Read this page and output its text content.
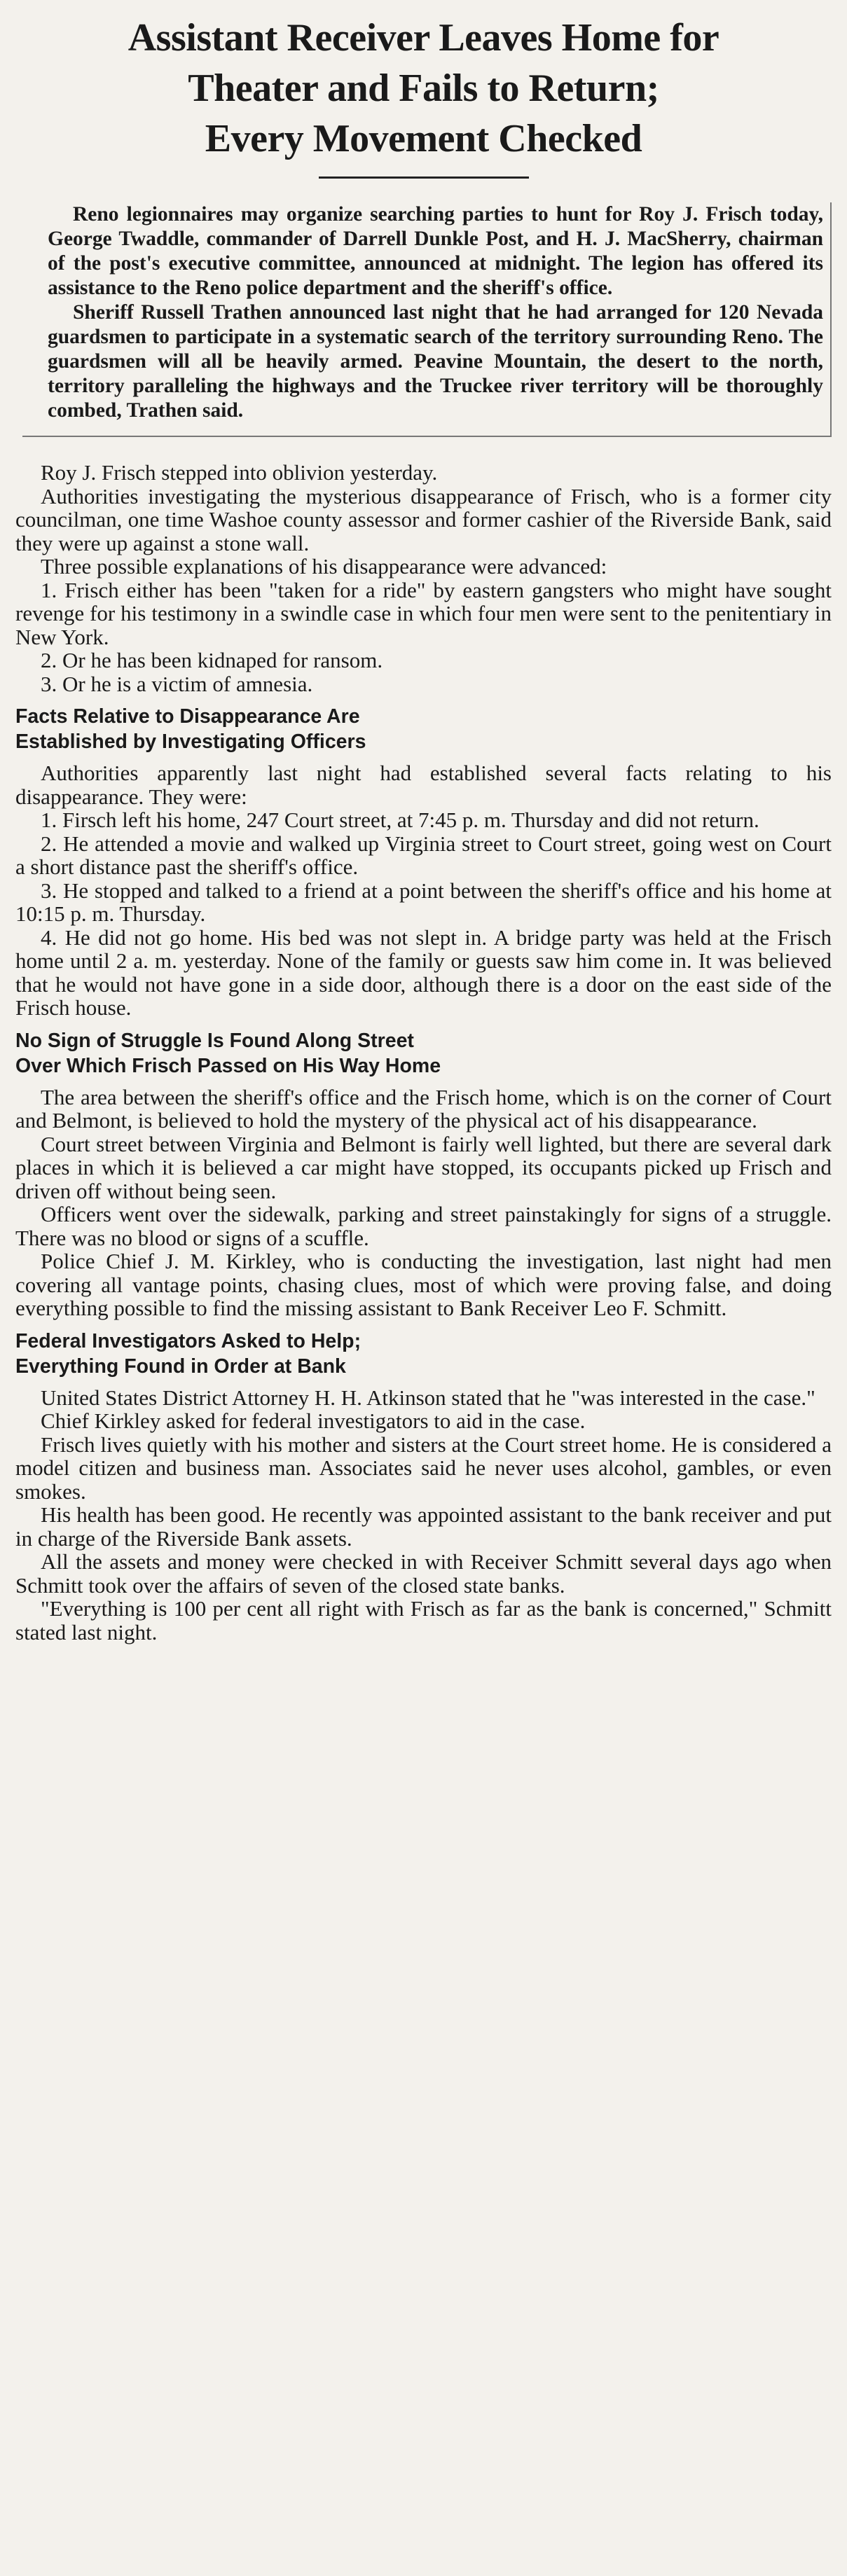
Assistant Receiver Leaves Home for
Theater and Fails to Return;
Every Movement Checked

Reno legionnaires may organize searching parties to hunt for Roy J. Frisch today, George Twaddle, commander of Darrell Dunkle Post, and H. J. MacSherry, chairman of the post's executive committee, announced at midnight. The legion has offered its assistance to the Reno police department and the sheriff's office.

Sheriff Russell Trathen announced last night that he had arranged for 120 Nevada guardsmen to participate in a systematic search of the territory surrounding Reno. The guardsmen will all be heavily armed. Peavine Mountain, the desert to the north, territory paralleling the highways and the Truckee river territory will be thoroughly combed, Trathen said.

Roy J. Frisch stepped into oblivion yesterday.

Authorities investigating the mysterious disappearance of Frisch, who is a former city councilman, one time Washoe county assessor and former cashier of the Riverside Bank, said they were up against a stone wall.

Three possible explanations of his disappearance were advanced:

1. Frisch either has been "taken for a ride" by eastern gangsters who might have sought revenge for his testimony in a swindle case in which four men were sent to the penitentiary in New York.

2. Or he has been kidnaped for ransom.

3. Or he is a victim of amnesia.

Facts Relative to Disappearance Are
Established by Investigating Officers

Authorities apparently last night had established several facts relating to his disappearance. They were:

1. Firsch left his home, 247 Court street, at 7:45 p. m. Thursday and did not return.

2. He attended a movie and walked up Virginia street to Court street, going west on Court a short distance past the sheriff's office.

3. He stopped and talked to a friend at a point between the sheriff's office and his home at 10:15 p. m. Thursday.

4. He did not go home. His bed was not slept in. A bridge party was held at the Frisch home until 2 a. m. yesterday. None of the family or guests saw him come in. It was believed that he would not have gone in a side door, although there is a door on the east side of the Frisch house.

No Sign of Struggle Is Found Along Street
Over Which Frisch Passed on His Way Home

The area between the sheriff's office and the Frisch home, which is on the corner of Court and Belmont, is believed to hold the mystery of the physical act of his disappearance.

Court street between Virginia and Belmont is fairly well lighted, but there are several dark places in which it is believed a car might have stopped, its occupants picked up Frisch and driven off without being seen.

Officers went over the sidewalk, parking and street painstakingly for signs of a struggle. There was no blood or signs of a scuffle.

Police Chief J. M. Kirkley, who is conducting the investigation, last night had men covering all vantage points, chasing clues, most of which were proving false, and doing everything possible to find the missing assistant to Bank Receiver Leo F. Schmitt.

Federal Investigators Asked to Help;
Everything Found in Order at Bank

United States District Attorney H. H. Atkinson stated that he "was interested in the case."

Chief Kirkley asked for federal investigators to aid in the case.

Frisch lives quietly with his mother and sisters at the Court street home. He is considered a model citizen and business man. Associates said he never uses alcohol, gambles, or even smokes.

His health has been good. He recently was appointed assistant to the bank receiver and put in charge of the Riverside Bank assets.

All the assets and money were checked in with Receiver Schmitt several days ago when Schmitt took over the affairs of seven of the closed state banks.

"Everything is 100 per cent all right with Frisch as far as the bank is concerned," Schmitt stated last night.
